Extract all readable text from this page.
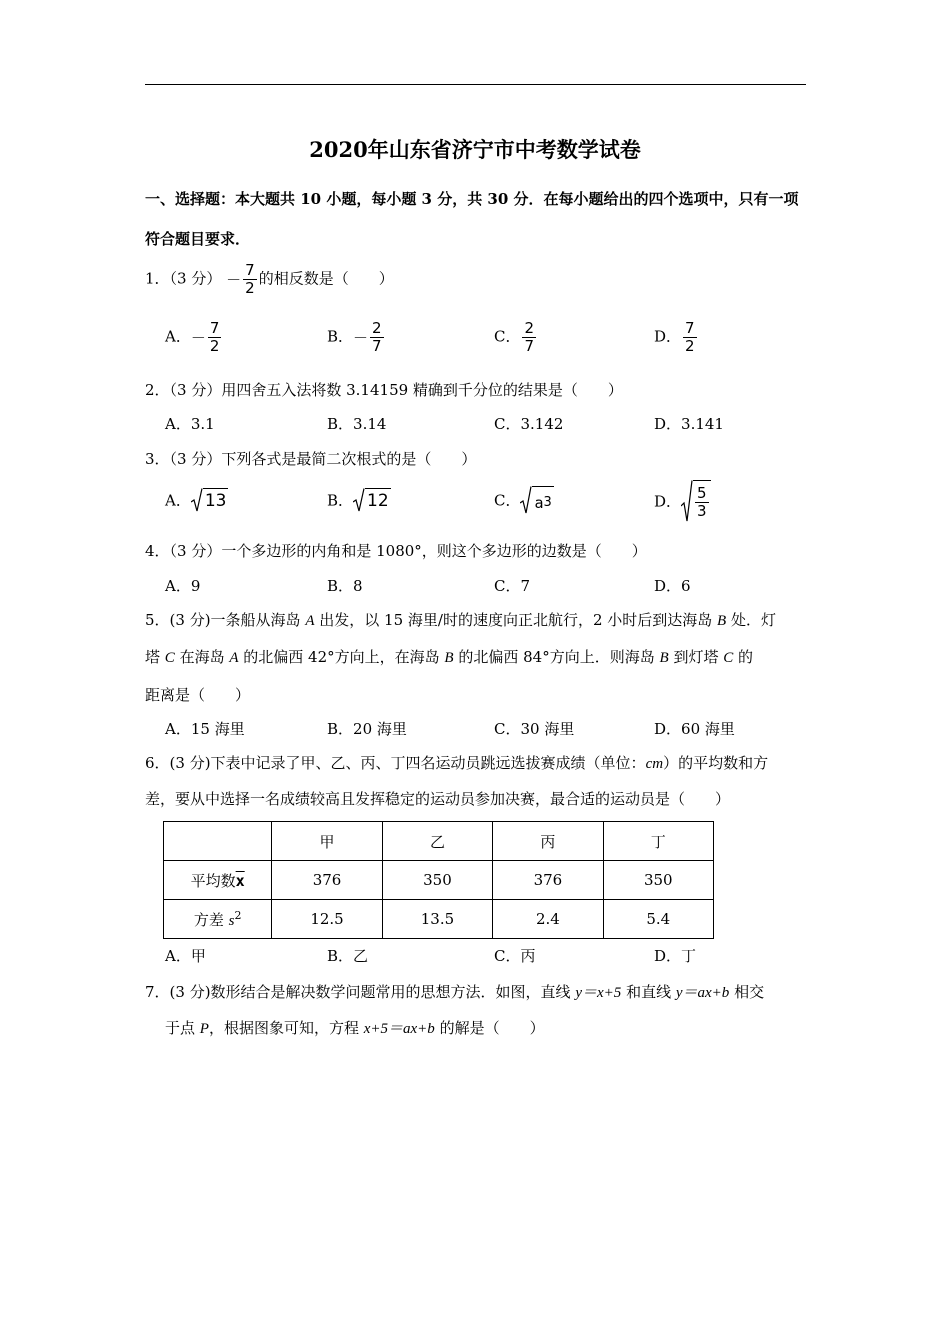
2020年山东省济宁市中考数学试卷
一、选择题：本大题共 10 小题，每小题 3 分，共 30 分．在每小题给出的四个选项中，只有一项
符合题目要求．
1．（3 分） － $\frac{7}{2}$ 的相反数是（　　）
A．－ $\frac{7}{2}$	B．－ $\frac{2}{7}$	C． $\frac{2}{7}$	D． $\frac{7}{2}$
2．（3 分）用四舍五入法将数 3.14159 精确到千分位的结果是（　　）
A．3.1	B．3.14	C．3.142	D．3.141
3．（3 分）下列各式是最简二次根式的是（　　）
A． 13	B． 12	C． a 3	D． $\frac{5}{3}$
4．（3 分）一个多边形的内角和是 1080°，则这个多边形的边数是（　　）
A．9	B．8	C．7	D．6
5．(3 分)一条船从海岛 A 出发，以 15 海里/时的速度向正北航行，2 小时后到达海岛 B 处．灯
塔 C 在海岛 A 的北偏西 42°方向上，在海岛 B 的北偏西 84°方向上．则海岛 B 到灯塔 C 的
距离是（　　）
A．15 海里	B．20 海里	C．30 海里	D．60 海里
6．(3 分)下表中记录了甲、乙、丙、丁四名运动员跳远选拔赛成绩（单位：cm）的平均数和方
差，要从中选择一名成绩较高且发挥稳定的运动员参加决赛，最合适的运动员是（　　）
	甲	乙	丙	丁
平均数$\overline{x}$	376	350	376	350
方差 $s^2$	12.5	13.5	2.4	5.4
A．甲	B．乙	C．丙	D．丁
7．(3 分)数形结合是解决数学问题常用的思想方法．如图，直线 y＝x+5 和直线 y＝ax+b 相交
于点 P，根据图象可知，方程 x+5＝ax+b 的解是（　　）
